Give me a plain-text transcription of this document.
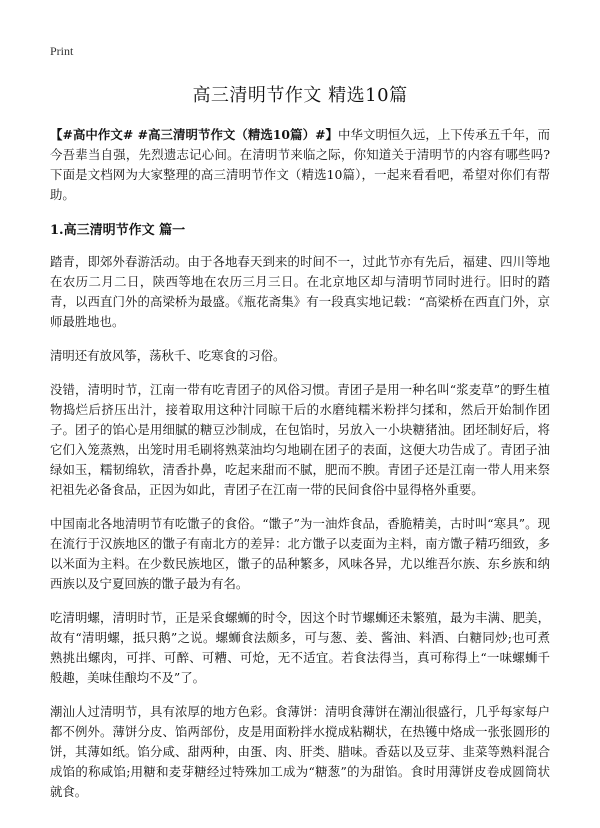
Print
高三清明节作文 精选10篇

【#高中作文# #高三清明节作文（精选10篇）#】中华文明恒久远，上下传承五千年，而今吾辈当自强，先烈遗志记心间。在清明节来临之际，你知道关于清明节的内容有哪些吗?下面是文档网为大家整理的高三清明节作文（精选10篇），一起来看看吧，希望对你们有帮助。

1.高三清明节作文 篇一

踏青，即郊外春游活动。由于各地春天到来的时间不一，过此节亦有先后，福建、四川等地在农历二月二日，陕西等地在农历三月三日。在北京地区却与清明节同时进行。旧时的踏青，以西直门外的高梁桥为最盛。《瓶花斋集》有一段真实地记载：“高梁桥在西直门外，京师最胜地也。

清明还有放风筝，荡秋千、吃寒食的习俗。

没错，清明时节，江南一带有吃青团子的风俗习惯。青团子是用一种名叫“浆麦草”的野生植物捣烂后挤压出汁，接着取用这种汁同晾干后的水磨纯糯米粉拌匀揉和，然后开始制作团子。团子的馅心是用细腻的糖豆沙制成，在包馅时，另放入一小块糖猪油。团坯制好后，将它们入笼蒸熟，出笼时用毛刷将熟菜油均匀地刷在团子的表面，这便大功告成了。青团子油绿如玉，糯韧绵软，清香扑鼻，吃起来甜而不腻，肥而不腴。青团子还是江南一带人用来祭祀祖先必备食品，正因为如此，青团子在江南一带的民间食俗中显得格外重要。

中国南北各地清明节有吃馓子的食俗。“馓子”为一油炸食品，香脆精美，古时叫“寒具”。现在流行于汉族地区的馓子有南北方的差异：北方馓子以麦面为主料，南方馓子精巧细致，多以米面为主料。在少数民族地区，馓子的品种繁多，风味各异，尤以维吾尔族、东乡族和纳西族以及宁夏回族的馓子最为有名。

吃清明螺，清明时节，正是采食螺蛳的时令，因这个时节螺蛳还未繁殖，最为丰满、肥美，故有“清明螺，抵只鹅”之说。螺蛳食法颇多，可与葱、姜、酱油、料酒、白糖同炒;也可煮熟挑出螺肉，可拌、可醉、可糟、可炝，无不适宜。若食法得当，真可称得上“一味螺蛳千般趣，美味佳酿均不及”了。

潮汕人过清明节，具有浓厚的地方色彩。食薄饼：清明食薄饼在潮汕很盛行，几乎每家每户都不例外。薄饼分皮、馅两部份，皮是用面粉拌水搅成粘糊状，在热镬中烙成一张张圆形的饼，其薄如纸。馅分咸、甜两种，由蛋、肉、肝类、腊味。香菇以及豆芽、韭菜等熟料混合成馅的称咸馅;用糖和麦芽糖经过特殊加工成为“糖葱”的为甜馅。食时用薄饼皮卷成圆筒状就食。
